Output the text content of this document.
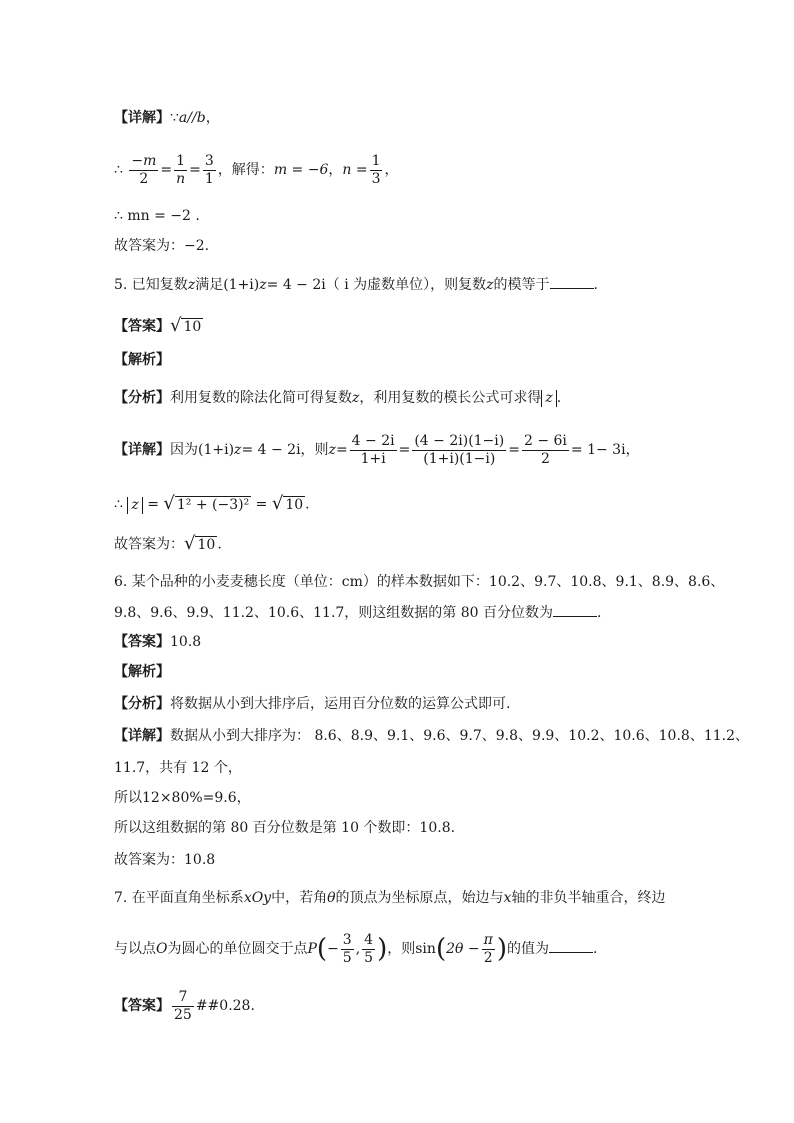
【详解】∵a//b，
∴ $\frac{-m}{2} = \frac{1}{n} = \frac{3}{1}$ ，解得：m = −6，$n = \frac{1}{3}$ ，
∴ mn = −2 .
故答案为：−2.
5. 已知复数z满足(1+i)z= 4 − 2i（ i 为虚数单位），则复数z的模等于	.
【答案】√ 10
【解析】
【分析】利用复数的除法化简可得复数z，利用复数的模长公式可求得 z .
【详解】因为(1+i)z= 4 − 2i，则$z= \frac{4 - 2i}{1+i} = \frac{(4 - 2i)(1-i)}{(1+i)(1-i)} = \frac{2 - 6i}{2} = 1- 3i$，
∴ z = √ 1² + (−3)² = √ 10 .
故答案为：√ 10 .
6. 某个品种的小麦麦穗长度（单位：cm）的样本数据如下：10.2、9.7、10.8、9.1、8.9、8.6、
9.8、9.6、9.9、11.2、10.6、11.7，则这组数据的第 80 百分位数为	.
【答案】10.8
【解析】
【分析】将数据从小到大排序后，运用百分位数的运算公式即可.
【详解】数据从小到大排序为： 8.6、8.9、9.1、9.6、9.7、9.8、9.9、10.2、10.6、10.8、11.2、
11.7，共有 12 个，
所以12×80%=9.6，
所以这组数据的第 80 百分位数是第 10 个数即：10.8.
故答案为：10.8
7. 在平面直角坐标系xOy中，若角θ的顶点为坐标原点，始边与x轴的非负半轴重合，终边
与以点O为圆心的单位圆交于点$P(- \frac{3}{5}$ , $\frac{4}{5}$ )，则$\sin(2\theta - \frac{\pi}{2}$ )的值为	.
【答案】 $\frac{7}{25}$ ##0.28.
